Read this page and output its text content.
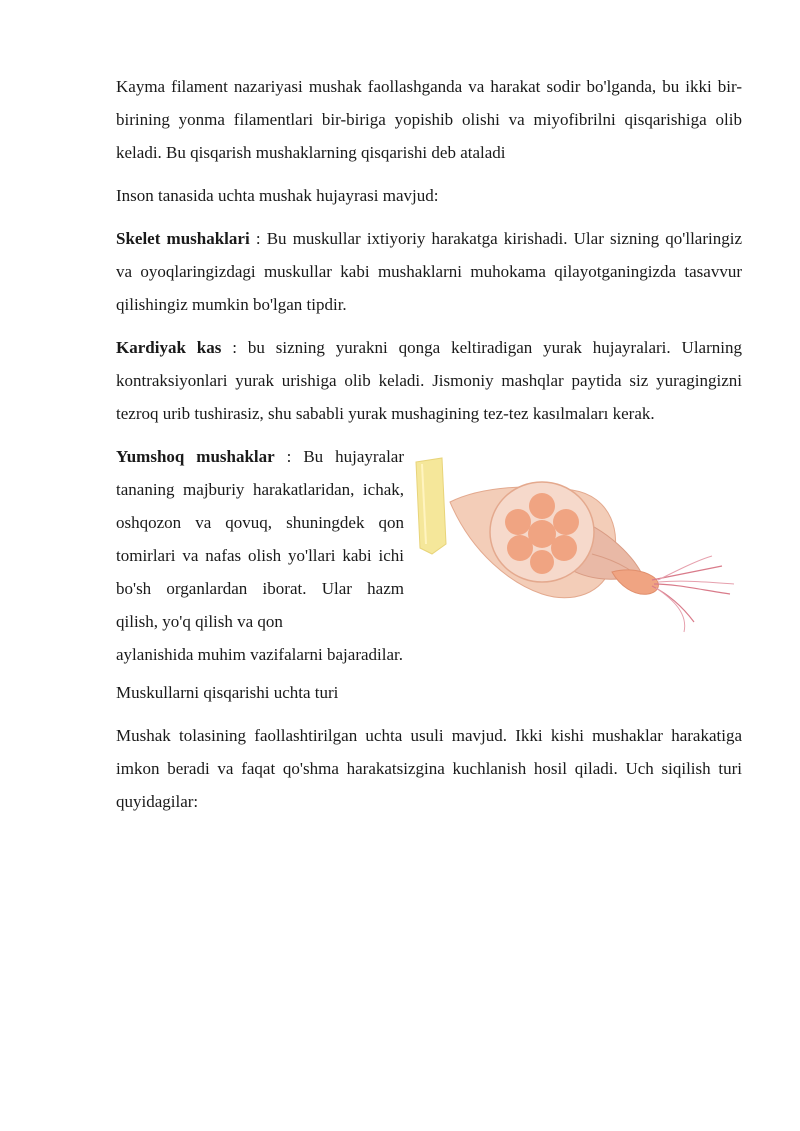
Kayma filament nazariyasi mushak faollashganda va harakat sodir bo'lganda, bu ikki bir-birining yonma filamentlari bir-biriga yopishib olishi va miyofibrilni qisqarishiga olib keladi. Bu qisqarish mushaklarning qisqarishi deb ataladi

Inson tanasida uchta mushak hujayrasi mavjud:

Skelet mushaklari : Bu muskullar ixtiyoriy harakatga kirishadi. Ular sizning qo'llaringiz va oyoqlaringizdagi muskullar kabi mushaklarni muhokama qilayotganingizda tasavvur qilishingiz mumkin bo'lgan tipdir.

Kardiyak kas : bu sizning yurakni qonga keltiradigan yurak hujayralari. Ularning kontraksiyonlari yurak urishiga olib keladi. Jismoniy mashqlar paytida siz yuragingizni tezroq urib tushirasiz, shu sababli yurak mushagining tez-tez kasılmaları kerak.

Yumshoq mushaklar : Bu hujayralar tananing majburiy harakatlaridan, ichak, oshqozon va qovuq, shuningdek qon tomirlari va nafas olish yo'llari kabi ichi bo'sh organlardan iborat. Ular hazm qilish, yo'q qilish va qon
aylanishida muhim vazifalarni bajaradilar.

Muskullarni qisqarishi uchta turi

Mushak tolasining faollashtirilgan uchta usuli mavjud. Ikki kishi mushaklar harakatiga imkon beradi va faqat qo'shma harakatsizgina kuchlanish hosil qiladi. Uch siqilish turi quyidagilar:
